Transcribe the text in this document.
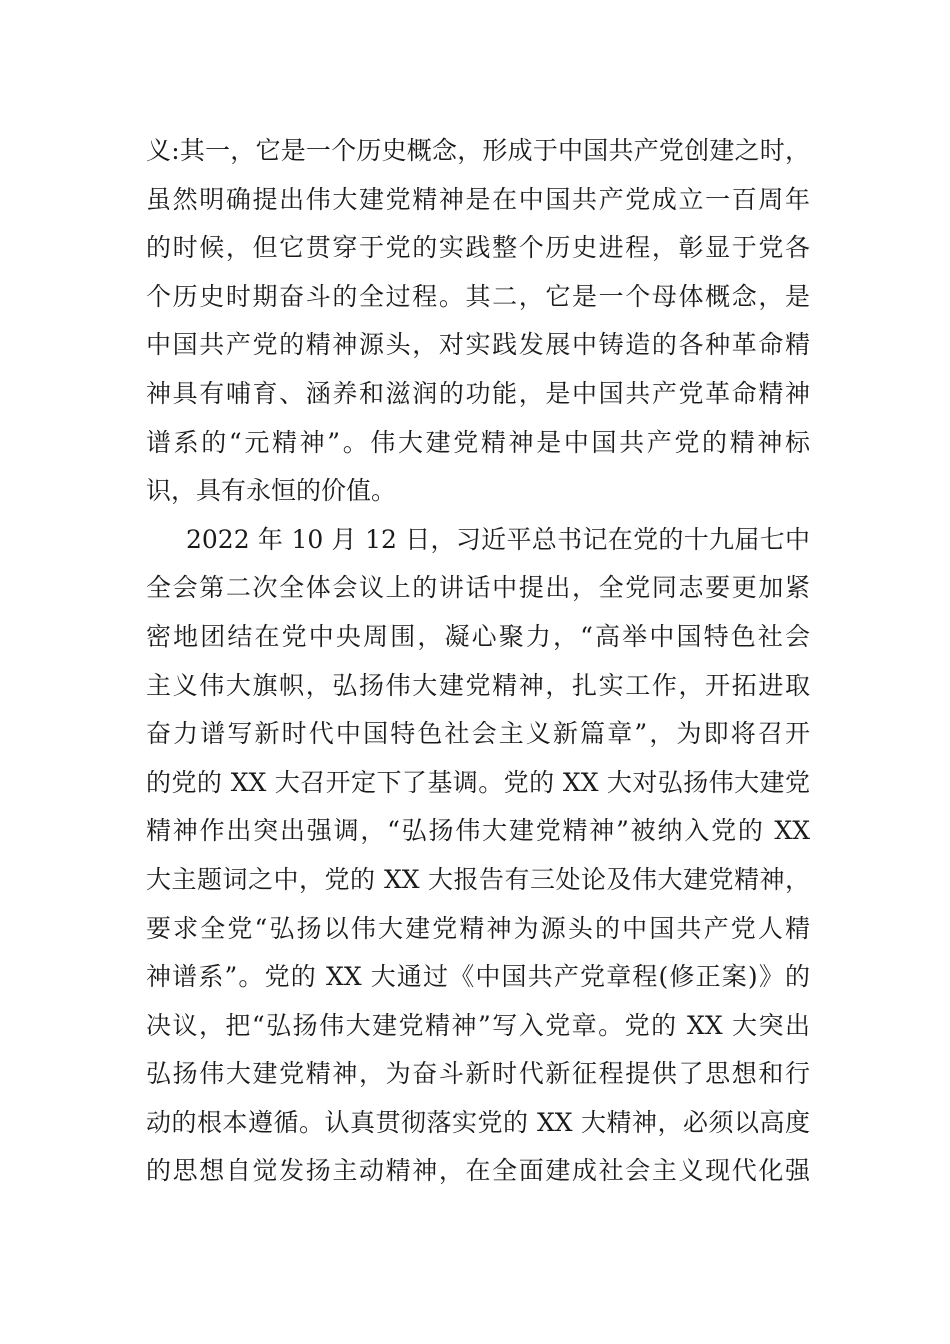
义:其一，它是一个历史概念，形成于中国共产党创建之时，
虽然明确提出伟大建党精神是在中国共产党成立一百周年
的时候，但它贯穿于党的实践整个历史进程，彰显于党各
个历史时期奋斗的全过程。其二，它是一个母体概念，是
中国共产党的精神源头，对实践发展中铸造的各种革命精
神具有哺育、涵养和滋润的功能，是中国共产党革命精神
谱系的“元精神”。伟大建党精神是中国共产党的精神标
识，具有永恒的价值。
2022 年 10 月 12 日，习近平总书记在党的十九届七中
全会第二次全体会议上的讲话中提出，全党同志要更加紧
密地团结在党中央周围，凝心聚力，“高举中国特色社会
主义伟大旗帜，弘扬伟大建党精神，扎实工作，开拓进取
奋力谱写新时代中国特色社会主义新篇章”，为即将召开
的党的 XX 大召开定下了基调。党的 XX 大对弘扬伟大建党
精神作出突出强调，“弘扬伟大建党精神”被纳入党的 XX
大主题词之中，党的 XX 大报告有三处论及伟大建党精神，
要求全党“弘扬以伟大建党精神为源头的中国共产党人精
神谱系”。党的 XX 大通过《中国共产党章程(修正案)》的
决议，把“弘扬伟大建党精神”写入党章。党的 XX 大突出
弘扬伟大建党精神，为奋斗新时代新征程提供了思想和行
动的根本遵循。认真贯彻落实党的 XX 大精神，必须以高度
的思想自觉发扬主动精神，在全面建成社会主义现代化强
